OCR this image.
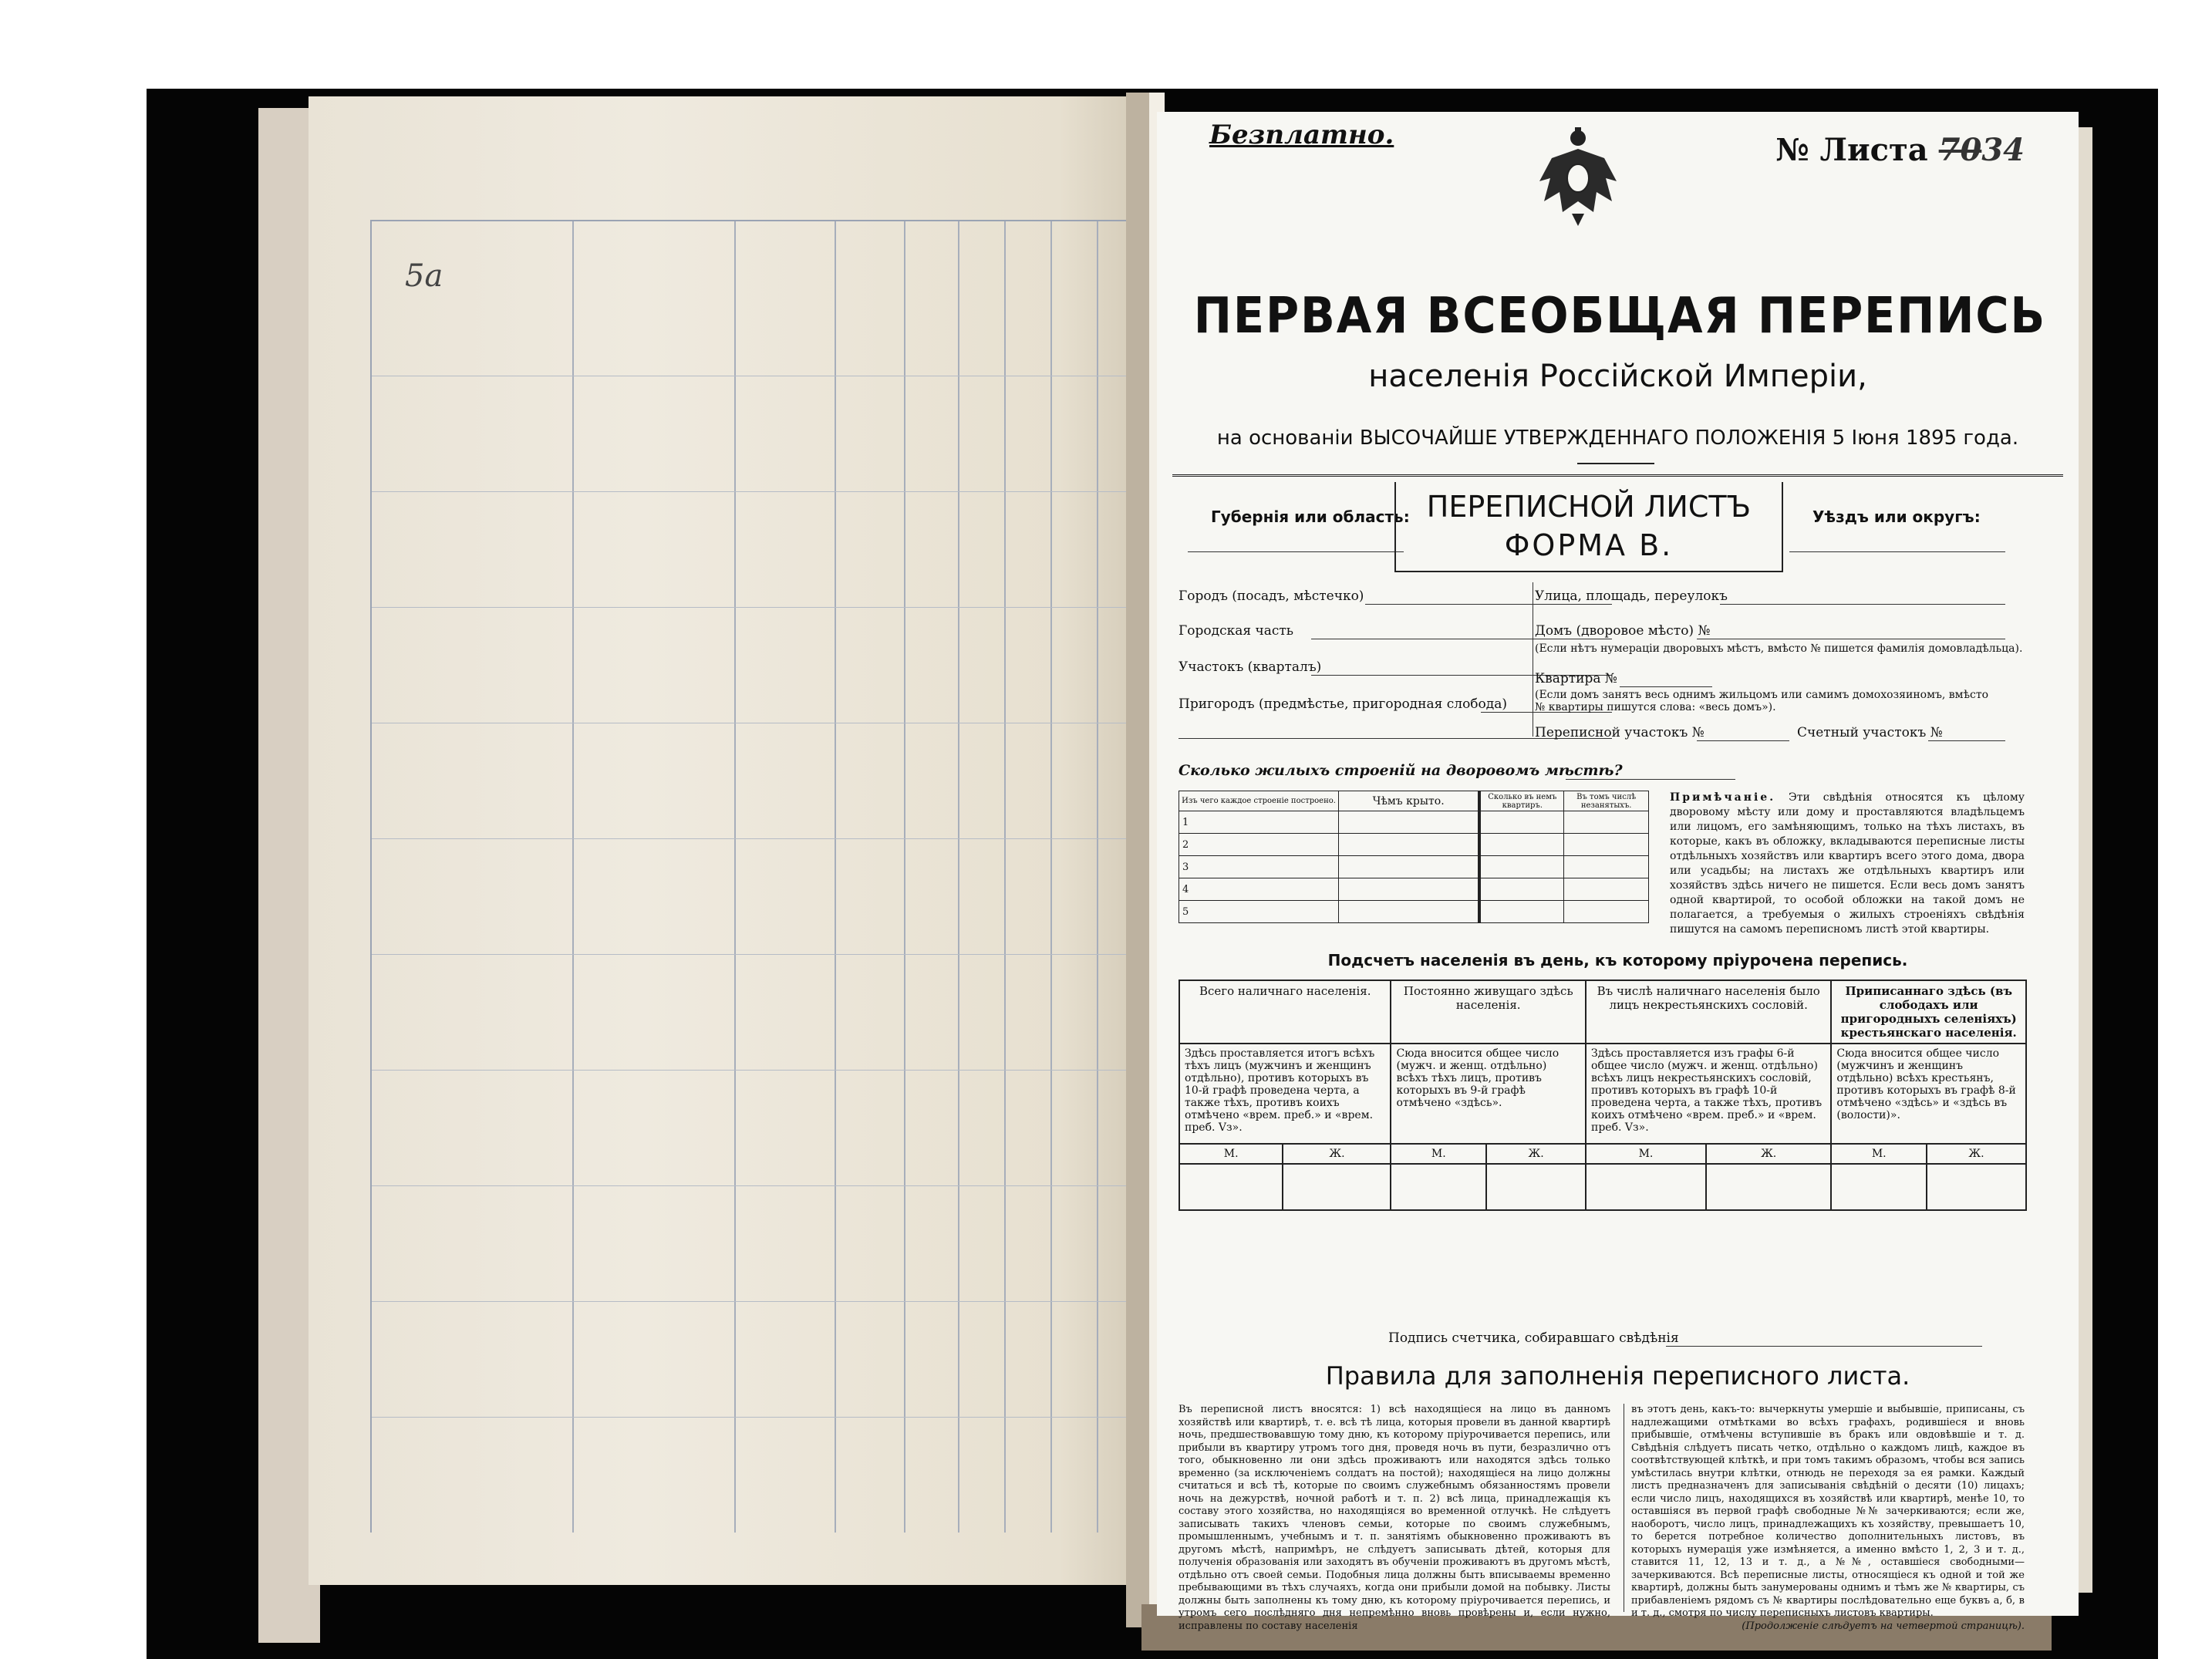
5а
Безплатно.	№ Листа 7034
ПЕРВАЯ ВСЕОБЩАЯ ПЕРЕПИСЬ
населенія Россійской Имперіи,
на основаніи ВЫСОЧАЙШЕ УТВЕРЖДЕННАГО ПОЛОЖЕНІЯ 5 Іюня 1895 года.
Губернія или область: ПЕРЕПИСНОЙ ЛИСТЪ
ФОРМА В.
Уѣздъ или округъ:
Городъ (посадъ, мѣстечко)
Городская часть
Участокъ (кварталъ)
Пригородъ (предмѣстье, пригородная слобода)
Улица, площадь, переулокъ
Домъ (дворовое мѣсто) №
(Если нѣтъ нумераціи дворовыхъ мѣстъ, вмѣсто № пишется фамилія домовладѣльца).
Квартира №
(Если домъ занятъ весь однимъ жильцомъ или самимъ домохозяиномъ, вмѣсто № квартиры пишутся слова: «весь домъ»).
Переписной участокъ №	Счетный участокъ №
Сколько жилыхъ строеній на дворовомъ мѣстѣ?
Изъ чего каждое строеніе построено.	Чѣмъ крыто.	Сколько въ немъ квартиръ.	Въ томъ числѣ незанятыхъ.
1			
2			
3			
4			
5			
Примѣчаніе. Эти свѣдѣнія относятся къ цѣлому дворовому мѣсту или дому и проставляются владѣльцемъ или лицомъ, его замѣняющимъ, только на тѣхъ листахъ, въ которые, какъ въ обложку, вкладываются переписные листы отдѣльныхъ хозяйствъ или квартиръ всего этого дома, двора или усадьбы; на листахъ же отдѣльныхъ квартиръ или хозяйствъ здѣсь ничего не пишется. Если весь домъ занятъ одной квартирой, то особой обложки на такой домъ не полагается, а требуемыя о жилыхъ строеніяхъ свѣдѣнія пишутся на самомъ переписномъ листѣ этой квартиры.
Подсчетъ населенія въ день, къ которому пріурочена перепись.
Всего наличнаго населенія.		Постоянно живущаго здѣсь населенія.		Въ числѣ наличнаго населенія было лицъ некрестьянскихъ сословій.		Приписаннаго здѣсь (въ слободахъ или пригородныхъ селеніяхъ) крестьянскаго населенія.	
Здѣсь проставляется итогъ всѣхъ тѣхъ лицъ (мужчинъ и женщинъ отдѣльно), противъ которыхъ въ 10-й графѣ проведена черта, а также тѣхъ, противъ коихъ отмѣчено «врем. преб.» и «врем. преб. Vз».		Сюда вносится общее число (мужч. и женщ. отдѣльно) всѣхъ тѣхъ лицъ, противъ которыхъ въ 9-й графѣ отмѣчено «здѣсь».		Здѣсь проставляется изъ графы 6-й общее число (мужч. и женщ. отдѣльно) всѣхъ лицъ некрестьянскихъ сословій, противъ которыхъ въ графѣ 10-й проведена черта, а также тѣхъ, противъ коихъ отмѣчено «врем. преб.» и «врем. преб. Vз».		Сюда вносится общее число (мужчинъ и женщинъ отдѣльно) всѣхъ крестьянъ, противъ которыхъ въ графѣ 8-й отмѣчено «здѣсь» и «здѣсь въ (волости)».	
М.	Ж.	М.	Ж.	М.	Ж.	М.	Ж.

Подпись счетчика, собиравшаго свѣдѣнія
Правила для заполненія переписного листа.
Въ переписной листъ вносятся: 1) всѣ находящіеся на лицо въ данномъ хозяйствѣ или квартирѣ, т. е. всѣ тѣ лица, которыя провели въ данной квартирѣ ночь, предшествовавшую тому дню, къ которому пріурочивается перепись, или прибыли въ квартиру утромъ того дня, проведя ночь въ пути, безразлично отъ того, обыкновенно ли они здѣсь проживаютъ или находятся здѣсь только временно (за исключеніемъ солдатъ на постой); находящіеся на лицо должны считаться и всѣ тѣ, которые по своимъ служебнымъ обязанностямъ провели ночь на дежурствѣ, ночной работѣ и т. п. 2) всѣ лица, принадлежащія къ составу этого хозяйства, но находящіяся во временной отлучкѣ. Не слѣдуетъ записывать такихъ членовъ семьи, которые по своимъ служебнымъ, промышленнымъ, учебнымъ и т. п. занятіямъ обыкновенно проживаютъ въ другомъ мѣстѣ, напримѣръ, не слѣдуетъ записывать дѣтей, которыя для полученія образованія или заходятъ въ обученіи проживаютъ въ другомъ мѣстѣ, отдѣльно отъ своей семьи. Подобныя лица должны быть вписываемы временно пребывающими въ тѣхъ случаяхъ, когда они прибыли домой на побывку. Листы должны быть заполнены къ тому дню, къ которому пріурочивается перепись, и утромъ сего послѣдняго дня непремѣнно вновь провѣрены и, если нужно, исправлены по составу населенія
въ этотъ день, какъ-то: вычеркнуты умершіе и выбывшіе, приписаны, съ надлежащими отмѣтками во всѣхъ графахъ, родившіеся и вновь прибывшіе, отмѣчены вступившіе въ бракъ или овдовѣвшіе и т. д. Свѣдѣнія слѣдуетъ писать четко, отдѣльно о каждомъ лицѣ, каждое въ соотвѣтствующей клѣткѣ, и при томъ такимъ образомъ, чтобы вся запись умѣстилась внутри клѣтки, отнюдь не переходя за ея рамки. Каждый листъ предназначенъ для записыванія свѣдѣній о десяти (10) лицахъ; если число лицъ, находящихся въ хозяйствѣ или квартирѣ, менѣе 10, то оставшіяся въ первой графѣ свободные №№ зачеркиваются; если же, наоборотъ, число лицъ, принадлежащихъ къ хозяйству, превышаетъ 10, то берется потребное количество дополнительныхъ листовъ, въ которыхъ нумерація уже измѣняется, а именно вмѣсто 1, 2, 3 и т. д., ставится 11, 12, 13 и т. д., а №№, оставшіеся свободными—зачеркиваются. Всѣ переписные листы, относящіеся къ одной и той же квартирѣ, должны быть занумерованы однимъ и тѣмъ же № квартиры, съ прибавленіемъ рядомъ съ № квартиры послѣдовательно еще буквъ а, б, в и т. д., смотря по числу переписныхъ листовъ квартиры.
(Продолженіе слѣдуетъ на четвертой страницѣ).
